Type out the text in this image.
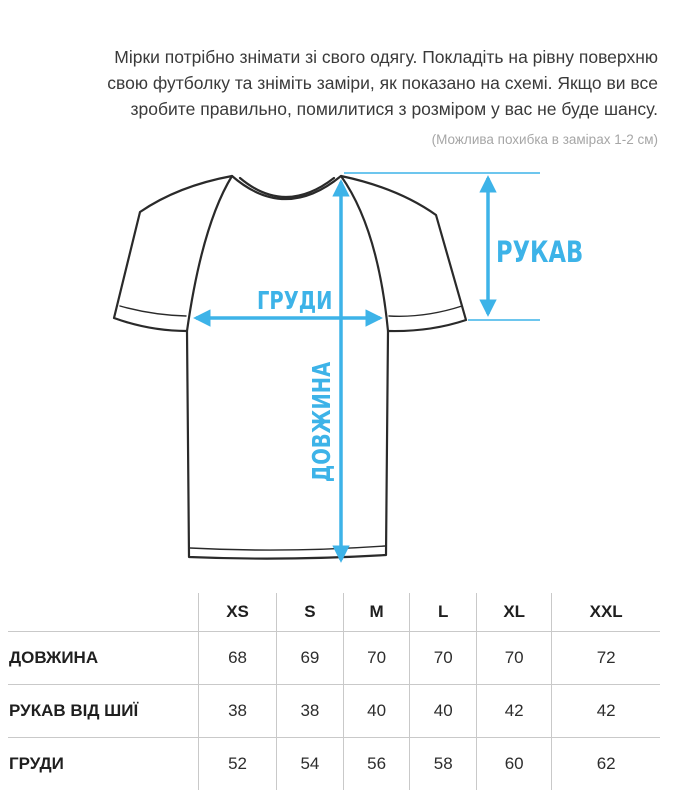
Мірки потрібно знімати зі свого одягу. Покладіть на рівну поверхню
свою футболку та зніміть заміри, як показано на схемі. Якщо ви все
зробите правильно, помилитися з розміром у вас не буде шансу.
(Можлива похибка в замірах 1-2 см)
РУКАВ
ГРУДИ
ДОВЖИНА
	XS	S	M	L	XL	XXL
ДОВЖИНА	68	69	70	70	70	72
РУКАВ ВІД ШИЇ	38	38	40	40	42	42
ГРУДИ	52	54	56	58	60	62
